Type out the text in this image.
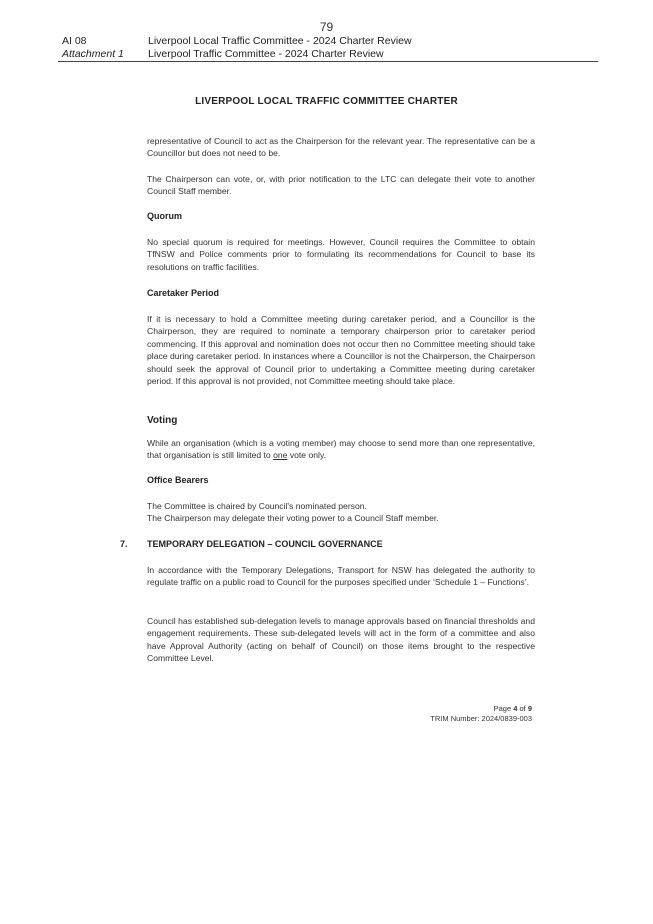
79
AI 08
Attachment 1
Liverpool Local Traffic Committee - 2024 Charter Review
Liverpool Traffic Committee - 2024 Charter Review
LIVERPOOL LOCAL TRAFFIC COMMITTEE CHARTER
representative of Council to act as the Chairperson for the relevant year. The representative can be a Councillor but does not need to be.
The Chairperson can vote, or, with prior notification to the LTC can delegate their vote to another Council Staff member.
Quorum
No special quorum is required for meetings. However, Council requires the Committee to obtain TfNSW and Police comments prior to formulating its recommendations for Council to base its resolutions on traffic facilities.
Caretaker Period
If it is necessary to hold a Committee meeting during caretaker period, and a Councillor is the Chairperson, they are required to nominate a temporary chairperson prior to caretaker period commencing. If this approval and nomination does not occur then no Committee meeting should take place during caretaker period. In instances where a Councillor is not the Chairperson, the Chairperson should seek the approval of Council prior to undertaking a Committee meeting during caretaker period. If this approval is not provided, not Committee meeting should take place.
Voting
While an organisation (which is a voting member) may choose to send more than one representative, that organisation is still limited to one vote only.
Office Bearers
The Committee is chaired by Council's nominated person.
The Chairperson may delegate their voting power to a Council Staff member.
7. TEMPORARY DELEGATION – COUNCIL GOVERNANCE
In accordance with the Temporary Delegations, Transport for NSW has delegated the authority to regulate traffic on a public road to Council for the purposes specified under ‘Schedule 1 – Functions’.
Council has established sub-delegation levels to manage approvals based on financial thresholds and engagement requirements. These sub-delegated levels will act in the form of a committee and also have Approval Authority (acting on behalf of Council) on those items brought to the respective Committee Level.
Page 4 of 9
TRIM Number: 2024/0839-003
